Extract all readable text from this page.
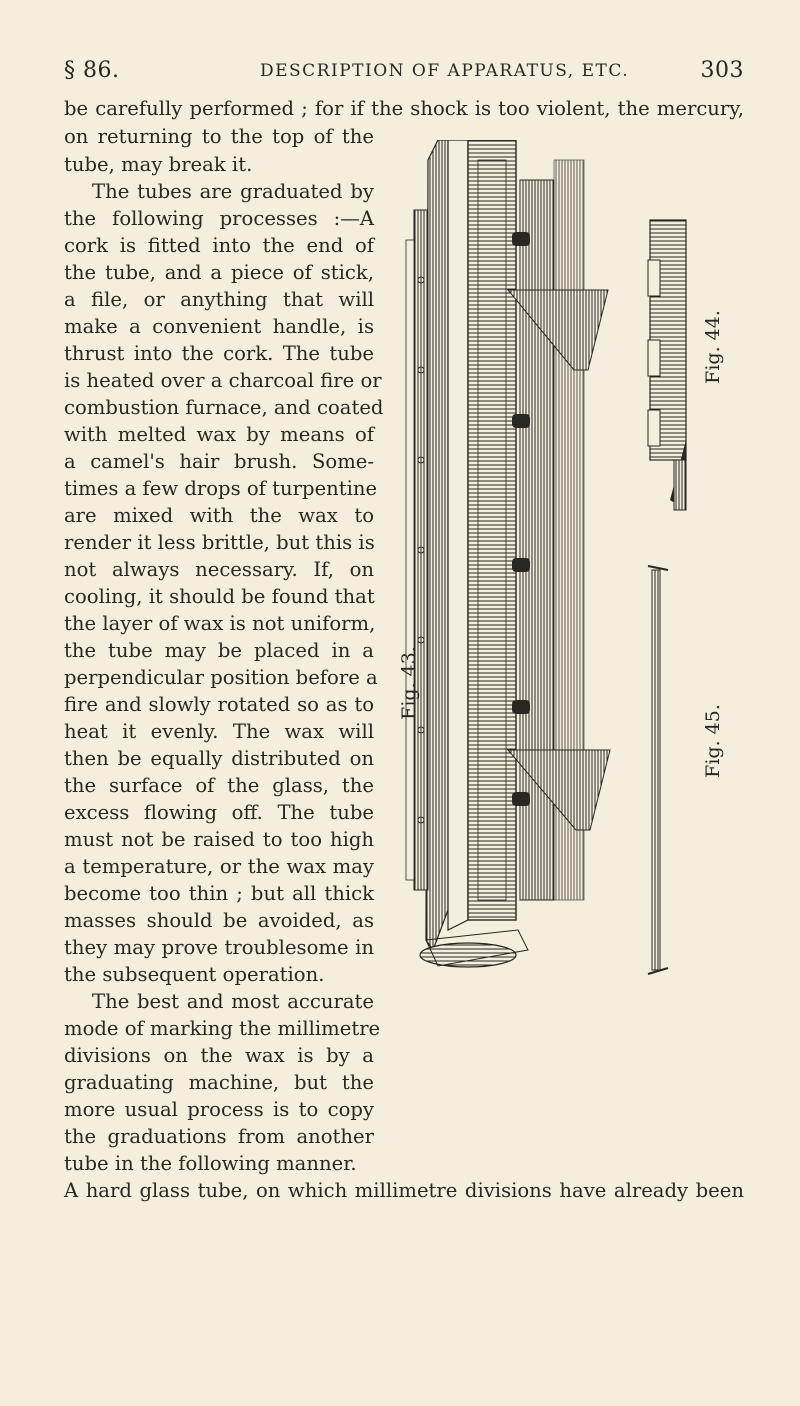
§ 86.	DESCRIPTION OF APPARATUS, ETC.	303
be carefully performed ; for if the shock is too violent, the mercury,
on returning to the top of the
tube, may break it.
The tubes are graduated by
the following processes :—A
cork is fitted into the end of
the tube, and a piece of stick,
a file, or anything that will
make a convenient handle, is
thrust into the cork. The tube
is heated over a charcoal fire or
combustion furnace, and coated
with melted wax by means of
a camel's hair brush. Some-
times a few drops of turpentine
are mixed with the wax to
render it less brittle, but this is
not always necessary. If, on
cooling, it should be found that
the layer of wax is not uniform,
the tube may be placed in a
perpendicular position before a
fire and slowly rotated so as to
heat it evenly. The wax will
then be equally distributed on
the surface of the glass, the
excess flowing off. The tube
must not be raised to too high
a temperature, or the wax may
become too thin ; but all thick
masses should be avoided, as
they may prove troublesome in
the subsequent operation.
The best and most accurate
mode of marking the millimetre
divisions on the wax is by a
graduating machine, but the
more usual process is to copy
the graduations from another
tube in the following manner.
A hard glass tube, on which millimetre divisions have already been
Fig. 43.
Fig. 44.
Fig. 45.
